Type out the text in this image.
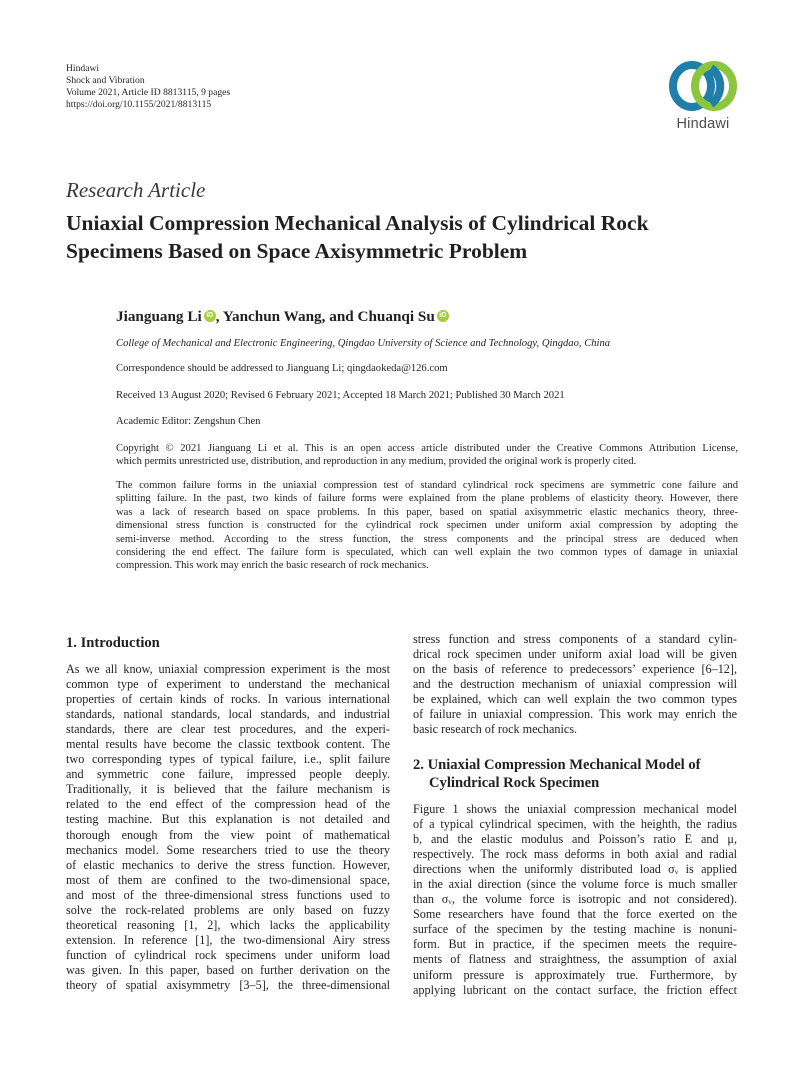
Hindawi
Shock and Vibration
Volume 2021, Article ID 8813115, 9 pages
https://doi.org/10.1155/2021/8813115
Hindawi
Research Article
Uniaxial Compression Mechanical Analysis of Cylindrical Rock
Specimens Based on Space Axisymmetric Problem
Jianguang LiiD , Yanchun Wang, and Chuanqi SuiD
College of Mechanical and Electronic Engineering, Qingdao University of Science and Technology, Qingdao, China
Correspondence should be addressed to Jianguang Li; qingdaokeda@126.com
Received 13 August 2020; Revised 6 February 2021; Accepted 18 March 2021; Published 30 March 2021
Academic Editor: Zengshun Chen
Copyright © 2021 Jianguang Li et al. This is an open access article distributed under the Creative Commons Attribution License,
which permits unrestricted use, distribution, and reproduction in any medium, provided the original work is properly cited.
The common failure forms in the uniaxial compression test of standard cylindrical rock specimens are symmetric cone failure and
splitting failure. In the past, two kinds of failure forms were explained from the plane problems of elasticity theory. However, there
was a lack of research based on space problems. In this paper, based on spatial axisymmetric elastic mechanics theory, three-
dimensional stress function is constructed for the cylindrical rock specimen under uniform axial compression by adopting the
semi-inverse method. According to the stress function, the stress components and the principal stress are deduced when
considering the end effect. The failure form is speculated, which can well explain the two common types of damage in uniaxial
compression. This work may enrich the basic research of rock mechanics.
1. Introduction
As we all know, uniaxial compression experiment is the most
common type of experiment to understand the mechanical
properties of certain kinds of rocks. In various international
standards, national standards, local standards, and industrial
standards, there are clear test procedures, and the experi-
mental results have become the classic textbook content. The
two corresponding types of typical failure, i.e., split failure
and symmetric cone failure, impressed people deeply.
Traditionally, it is believed that the failure mechanism is
related to the end effect of the compression head of the
testing machine. But this explanation is not detailed and
thorough enough from the view point of mathematical
mechanics model. Some researchers tried to use the theory
of elastic mechanics to derive the stress function. However,
most of them are confined to the two-dimensional space,
and most of the three-dimensional stress functions used to
solve the rock-related problems are only based on fuzzy
theoretical reasoning [1, 2], which lacks the applicability
extension. In reference [1], the two-dimensional Airy stress
function of cylindrical rock specimens under uniform load
was given. In this paper, based on further derivation on the
theory of spatial axisymmetry [3–5], the three-dimensional
stress function and stress components of a standard cylin-
drical rock specimen under uniform axial load will be given
on the basis of reference to predecessors’ experience [6–12],
and the destruction mechanism of uniaxial compression will
be explained, which can well explain the two common types
of failure in uniaxial compression. This work may enrich the
basic research of rock mechanics.
2. Uniaxial Compression Mechanical Model of
Cylindrical Rock Specimen
Figure 1 shows the uniaxial compression mechanical model
of a typical cylindrical specimen, with the heighth, the radius
b, and the elastic modulus and Poisson’s ratio E and μ,
respectively. The rock mass deforms in both axial and radial
directions when the uniformly distributed load σᵥ is applied
in the axial direction (since the volume force is much smaller
than σᵥ, the volume force is isotropic and not considered).
Some researchers have found that the force exerted on the
surface of the specimen by the testing machine is nonuni-
form. But in practice, if the specimen meets the require-
ments of flatness and straightness, the assumption of axial
uniform pressure is approximately true. Furthermore, by
applying lubricant on the contact surface, the friction effect
